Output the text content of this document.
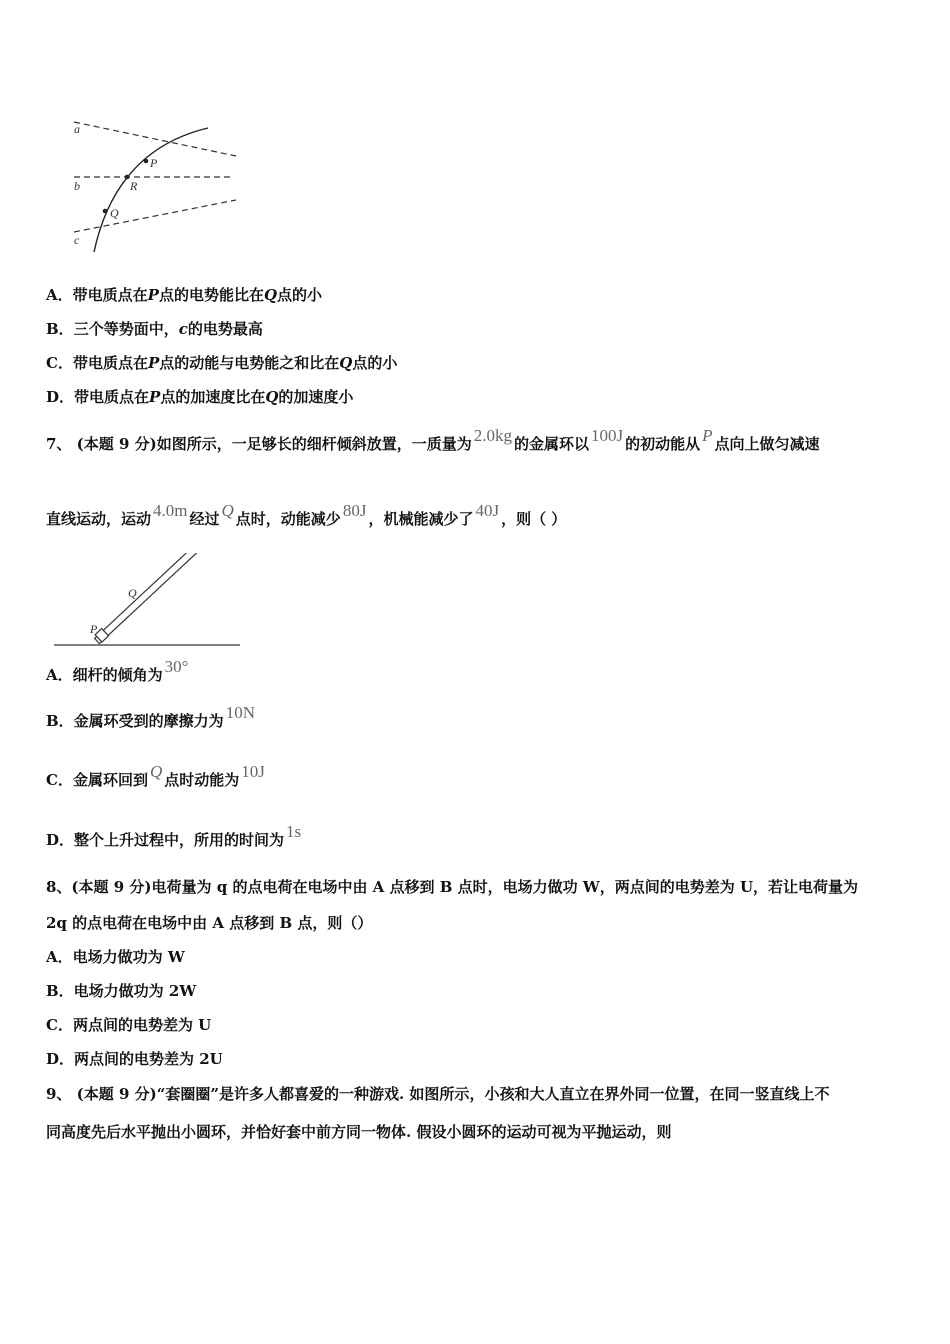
a
b
c
P
R
Q
A．带电质点在P点的电势能比在Q点的小
B．三个等势面中，c的电势最高
C．带电质点在P点的动能与电势能之和比在Q点的小
D．带电质点在P点的加速度比在Q的加速度小
7、 (本题 9 分)如图所示，一足够长的细杆倾斜放置，一质量为 2.0kg 的金属环以 100J 的初动能从 P 点向上做匀减速
直线运动，运动 4.0m 经过 Q 点时，动能减少 80J ，机械能减少了 40J ，则（ ）
Q
P
A．细杆的倾角为 30°
B．金属环受到的摩擦力为 10N
C．金属环回到 Q 点时动能为 10J
D．整个上升过程中，所用的时间为 1s
8、(本题 9 分)电荷量为 q 的点电荷在电场中由 A 点移到 B 点时，电场力做功 W，两点间的电势差为 U，若让电荷量为
2q 的点电荷在电场中由 A 点移到 B 点，则（）
A．电场力做功为 W
B．电场力做功为 2W
C．两点间的电势差为 U
D．两点间的电势差为 2U
9、 (本题 9 分)“套圈圈”是许多人都喜爱的一种游戏. 如图所示，小孩和大人直立在界外同一位置，在同一竖直线上不
同高度先后水平抛出小圆环，并恰好套中前方同一物体. 假设小圆环的运动可视为平抛运动，则
